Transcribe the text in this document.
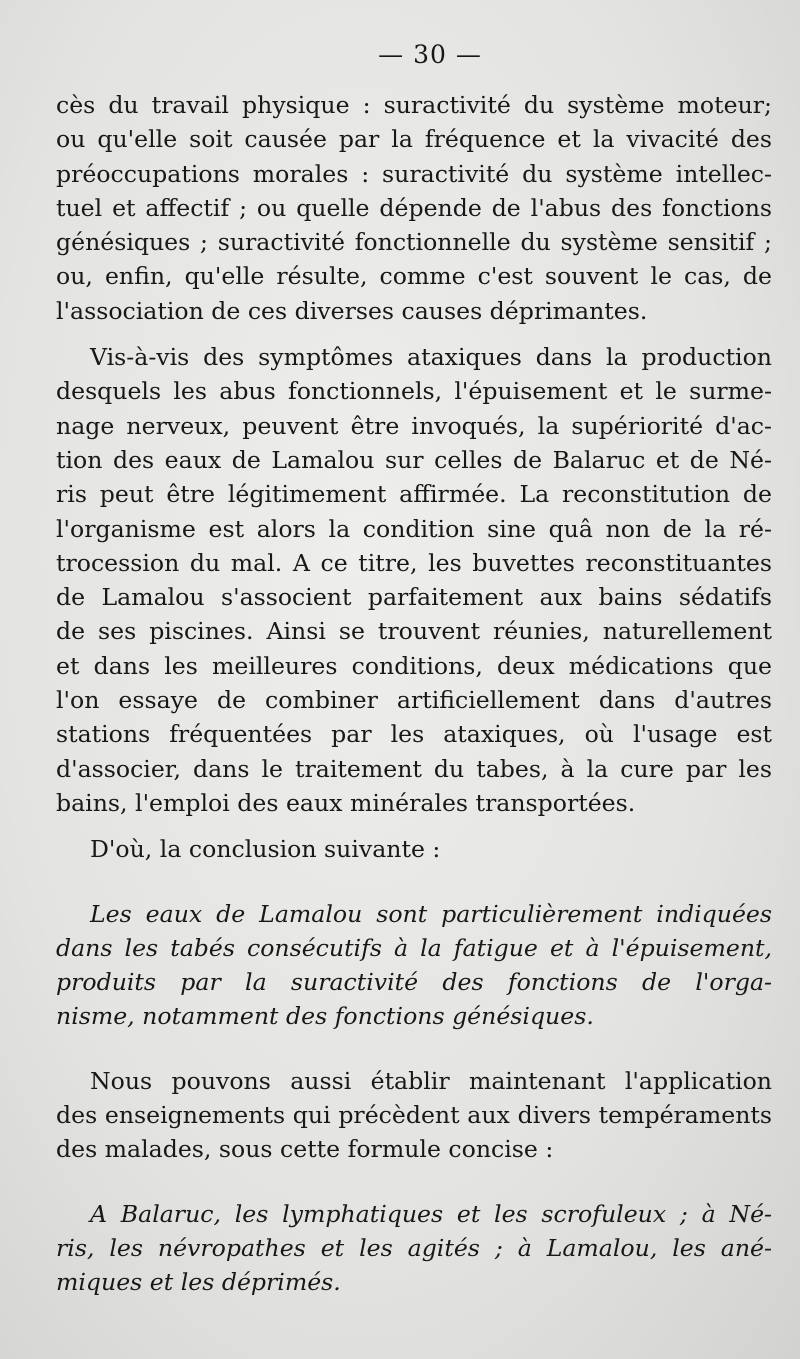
— 30 —
cès du travail physique : suractivité du système moteur;
ou qu'elle soit causée par la fréquence et la vivacité des
préoccupations morales : suractivité du système intellec-
tuel et affectif ; ou quelle dépende de l'abus des fonctions
génésiques ; suractivité fonctionnelle du système sensitif ;
ou, enfin, qu'elle résulte, comme c'est souvent le cas, de
l'association de ces diverses causes déprimantes.
Vis-à-vis des symptômes ataxiques dans la production
desquels les abus fonctionnels, l'épuisement et le surme-
nage nerveux, peuvent être invoqués, la supériorité d'ac-
tion des eaux de Lamalou sur celles de Balaruc et de Né-
ris peut être légitimement affirmée. La reconstitution de
l'organisme est alors la condition sine quâ non de la ré-
trocession du mal. A ce titre, les buvettes reconstituantes
de Lamalou s'associent parfaitement aux bains sédatifs
de ses piscines. Ainsi se trouvent réunies, naturellement
et dans les meilleures conditions, deux médications que
l'on essaye de combiner artificiellement dans d'autres
stations fréquentées par les ataxiques, où l'usage est
d'associer, dans le traitement du tabes, à la cure par les
bains, l'emploi des eaux minérales transportées.
D'où, la conclusion suivante :
Les eaux de Lamalou sont particulièrement indiquées
dans les tabés consécutifs à la fatigue et à l'épuisement,
produits par la suractivité des fonctions de l'orga-
nisme, notamment des fonctions génésiques.
Nous pouvons aussi établir maintenant l'application
des enseignements qui précèdent aux divers tempéraments
des malades, sous cette formule concise :
A Balaruc, les lymphatiques et les scrofuleux ; à Né-
ris, les névropathes et les agités ; à Lamalou, les ané-
miques et les déprimés.
